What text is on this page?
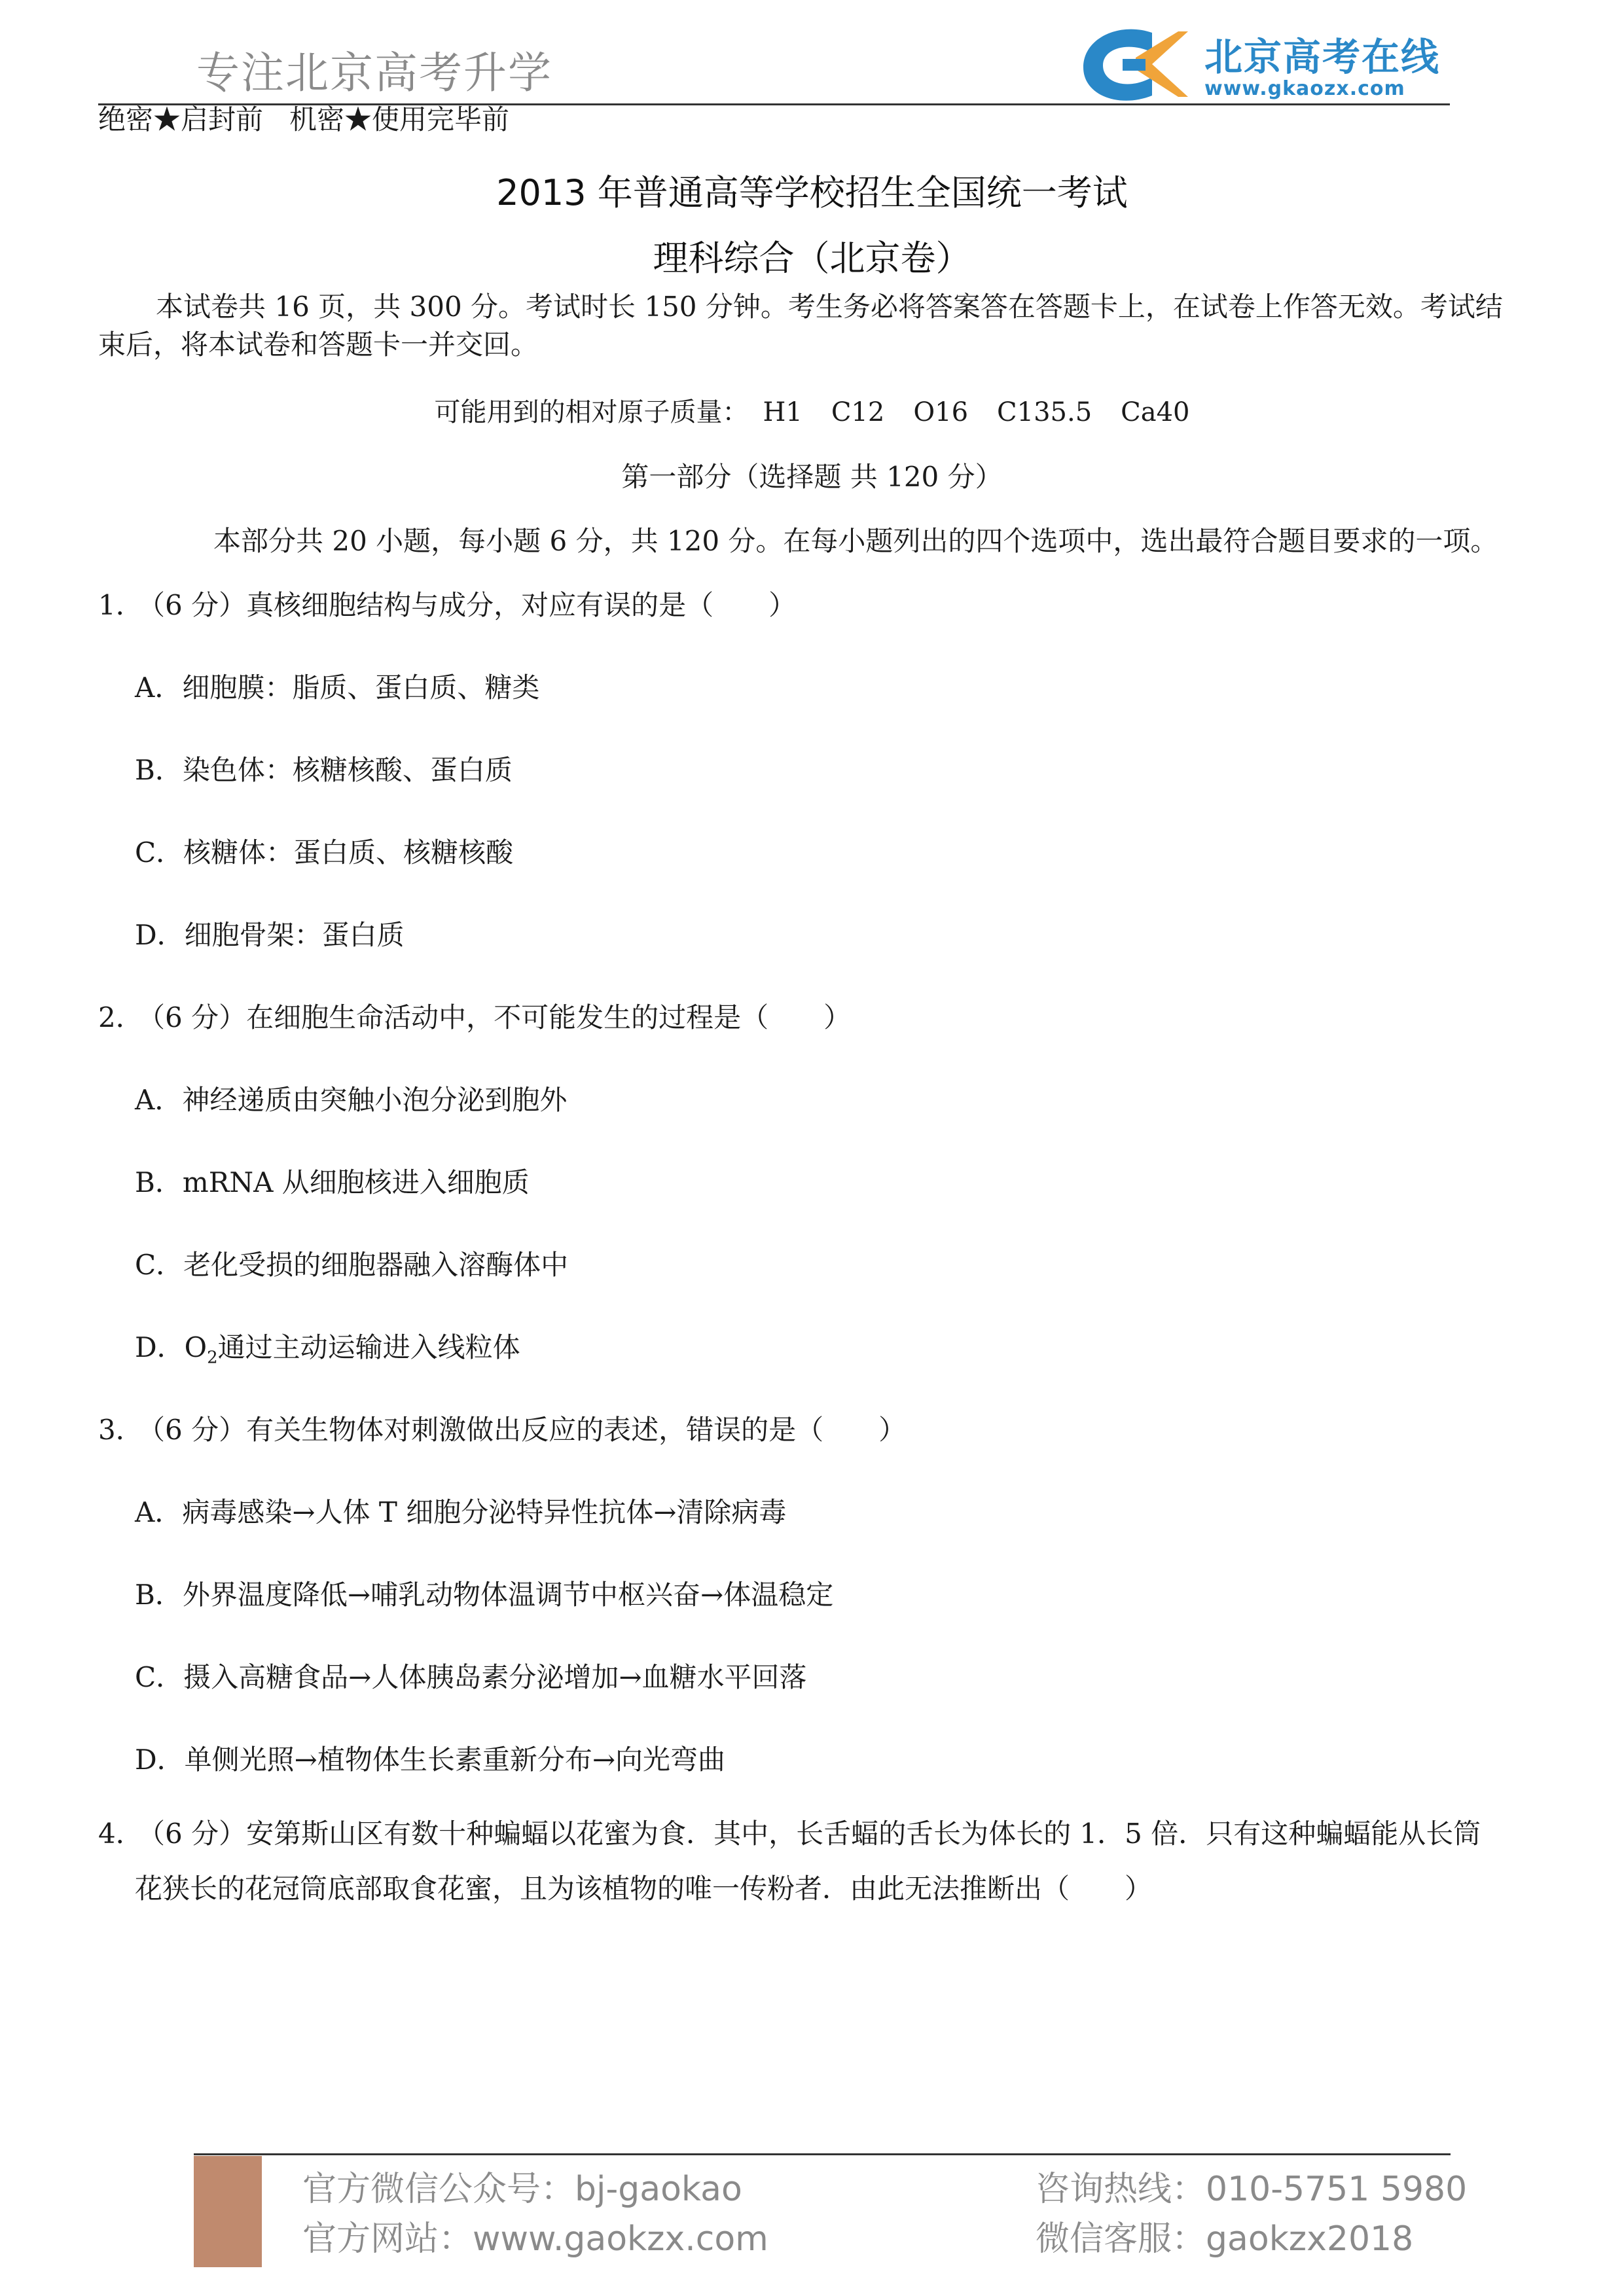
专注北京高考升学	北京高考在线
www.gkaozx.com
绝密★启封前 机密★使用完毕前
2013 年普通高等学校招生全国统一考试
理科综合（北京卷）
本试卷共 16 页，共 300 分。考试时长 150 分钟。考生务必将答案答在答题卡上，在试卷上作答无效。考试结束后，将本试卷和答题卡一并交回。
可能用到的相对原子质量： H1 C12 O16 C135.5 Ca40
第一部分（选择题 共 120 分）
本部分共 20 小题，每小题 6 分，共 120 分。在每小题列出的四个选项中，选出最符合题目要求的一项。
1．（6 分）真核细胞结构与成分，对应有误的是（　　）
A．细胞膜：脂质、蛋白质、糖类
B．染色体：核糖核酸、蛋白质
C．核糖体：蛋白质、核糖核酸
D．细胞骨架：蛋白质
2．（6 分）在细胞生命活动中，不可能发生的过程是（　　）
A．神经递质由突触小泡分泌到胞外
B．mRNA 从细胞核进入细胞质
C．老化受损的细胞器融入溶酶体中
D．$O_2$通过主动运输进入线粒体
3．（6 分）有关生物体对刺激做出反应的表述，错误的是（　　）
A．病毒感染→人体 T 细胞分泌特异性抗体→清除病毒
B．外界温度降低→哺乳动物体温调节中枢兴奋→体温稳定
C．摄入高糖食品→人体胰岛素分泌增加→血糖水平回落
D．单侧光照→植物体生长素重新分布→向光弯曲
4．（6 分）安第斯山区有数十种蝙蝠以花蜜为食．其中，长舌蝠的舌长为体长的 1．5 倍．只有这种蝙蝠能从长筒
花狭长的花冠筒底部取食花蜜，且为该植物的唯一传粉者．由此无法推断出（　　）
官方微信公众号：bj-gaokao
官方网站：www.gaokzx.com
咨询热线：010-5751 5980
微信客服：gaokzx2018
